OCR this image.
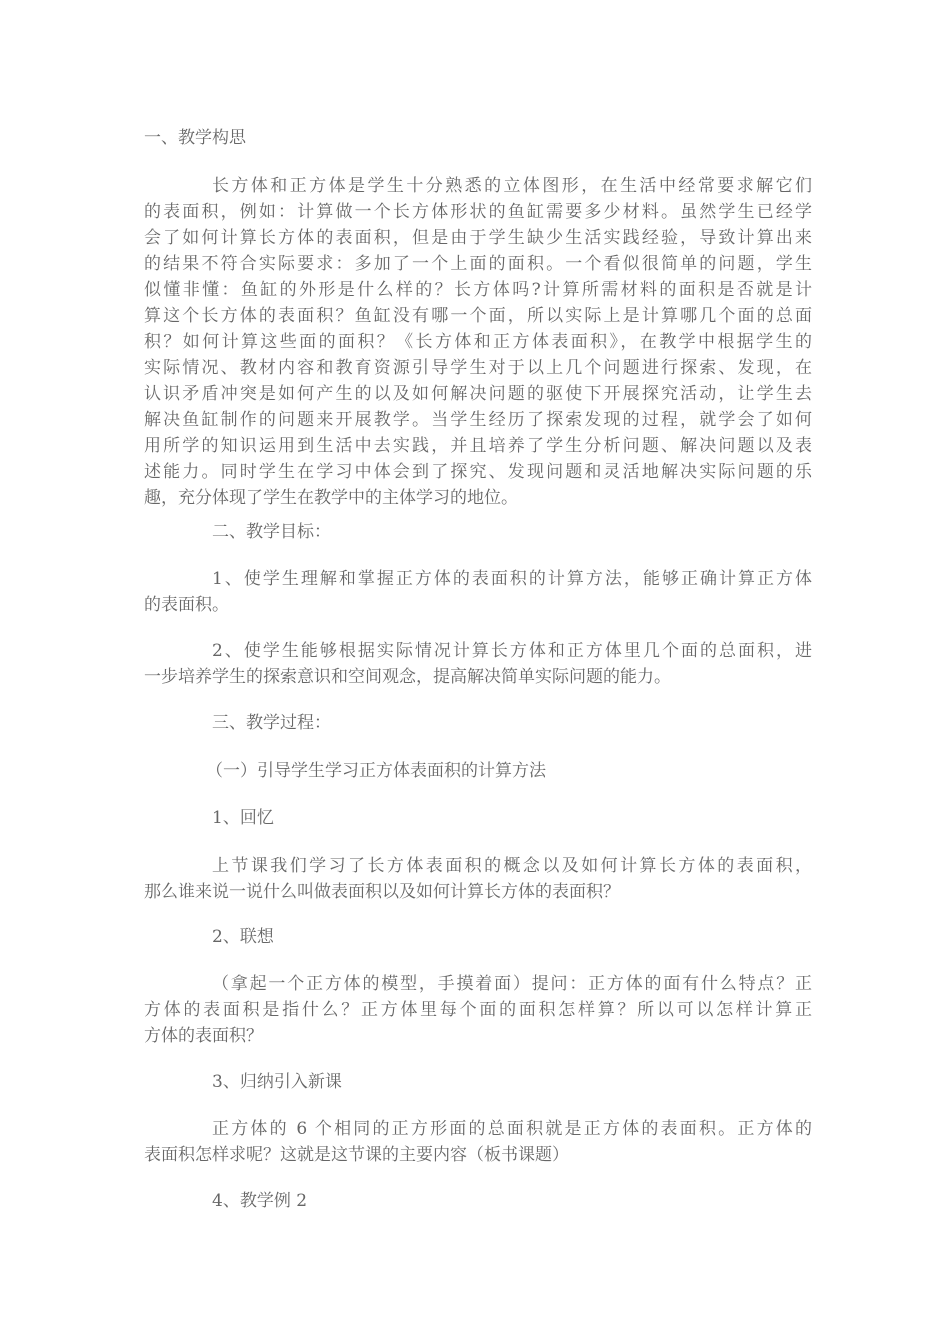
一、教学构思
长方体和正方体是学生十分熟悉的立体图形，在生活中经常要求解它们
的表面积，例如：计算做一个长方体形状的鱼缸需要多少材料。虽然学生已经学
会了如何计算长方体的表面积，但是由于学生缺少生活实践经验，导致计算出来
的结果不符合实际要求：多加了一个上面的面积。一个看似很简单的问题，学生
似懂非懂：鱼缸的外形是什么样的？长方体吗?计算所需材料的面积是否就是计
算这个长方体的表面积？鱼缸没有哪一个面，所以实际上是计算哪几个面的总面
积？如何计算这些面的面积？《长方体和正方体表面积》，在教学中根据学生的
实际情况、教材内容和教育资源引导学生对于以上几个问题进行探索、发现，在
认识矛盾冲突是如何产生的以及如何解决问题的驱使下开展探究活动，让学生去
解决鱼缸制作的问题来开展教学。当学生经历了探索发现的过程，就学会了如何
用所学的知识运用到生活中去实践，并且培养了学生分析问题、解决问题以及表
述能力。同时学生在学习中体会到了探究、发现问题和灵活地解决实际问题的乐
趣，充分体现了学生在教学中的主体学习的地位。
二、教学目标：
1、使学生理解和掌握正方体的表面积的计算方法，能够正确计算正方体
的表面积。
2、使学生能够根据实际情况计算长方体和正方体里几个面的总面积，进
一步培养学生的探索意识和空间观念，提高解决简单实际问题的能力。
三、教学过程：
（一）引导学生学习正方体表面积的计算方法
1、回忆
上节课我们学习了长方体表面积的概念以及如何计算长方体的表面积，
那么谁来说一说什么叫做表面积以及如何计算长方体的表面积？
2、联想
（拿起一个正方体的模型，手摸着面）提问：正方体的面有什么特点？正
方体的表面积是指什么？正方体里每个面的面积怎样算？所以可以怎样计算正
方体的表面积？
3、归纳引入新课
正方体的 6 个相同的正方形面的总面积就是正方体的表面积。正方体的
表面积怎样求呢？这就是这节课的主要内容（板书课题）
4、教学例 2
